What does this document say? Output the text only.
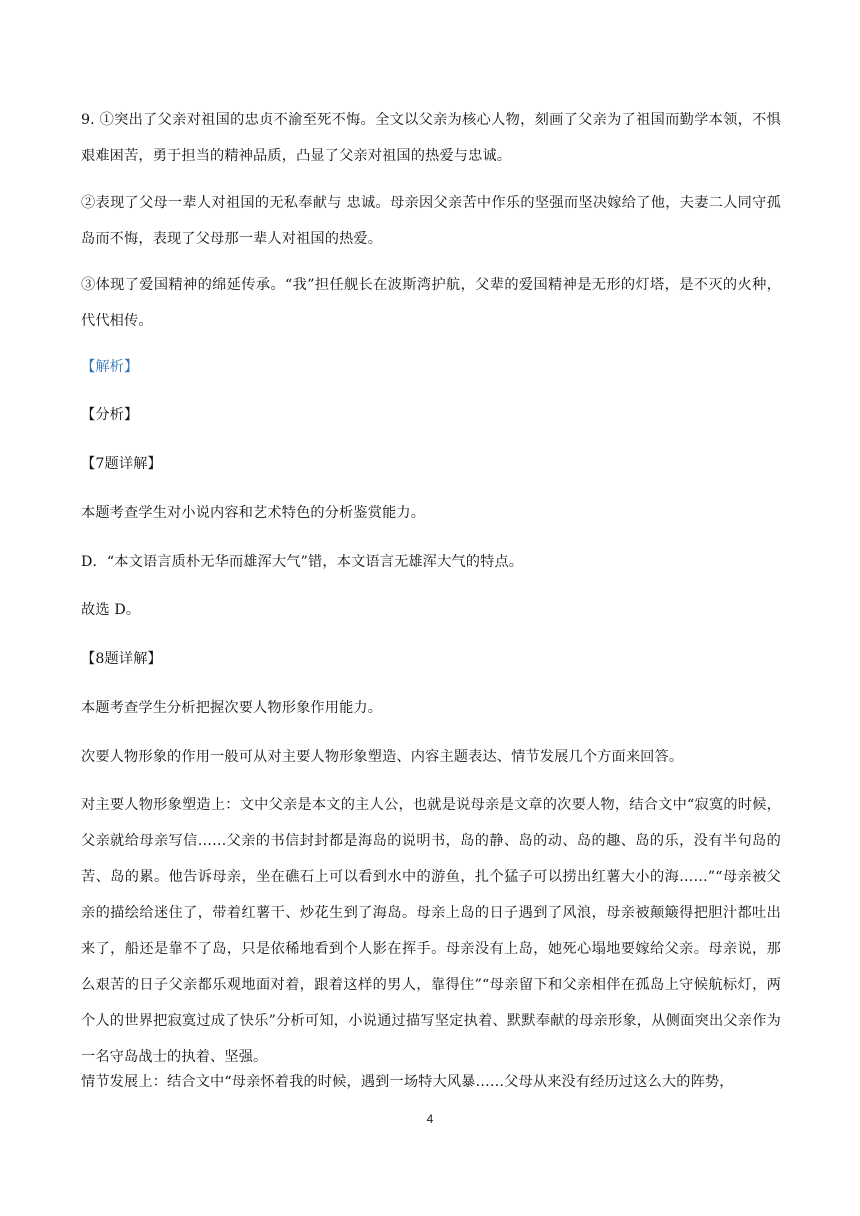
9. ①突出了父亲对祖国的忠贞不渝至死不悔。全文以父亲为核心人物，刻画了父亲为了祖国而勤学本领，不惧艰难困苦，勇于担当的精神品质，凸显了父亲对祖国的热爱与忠诚。

②表现了父母一辈人对祖国的无私奉献与 忠诚。母亲因父亲苦中作乐的坚强而坚决嫁给了他，夫妻二人同守孤岛而不悔，表现了父母那一辈人对祖国的热爱。

③体现了爱国精神的绵延传承。“我”担任舰长在波斯湾护航，父辈的爱国精神是无形的灯塔，是不灭的火种，代代相传。

【解析】

【分析】

【7题详解】

本题考查学生对小说内容和艺术特色的分析鉴赏能力。

D．“本文语言质朴无华而雄浑大气”错，本文语言无雄浑大气的特点。

故选 D。

【8题详解】

本题考查学生分析把握次要人物形象作用能力。

次要人物形象的作用一般可从对主要人物形象塑造、内容主题表达、情节发展几个方面来回答。

对主要人物形象塑造上：文中父亲是本文的主人公，也就是说母亲是文章的次要人物，结合文中“寂寞的时候，父亲就给母亲写信……父亲的书信封封都是海岛的说明书，岛的静、岛的动、岛的趣、岛的乐，没有半句岛的苦、岛的累。他告诉母亲，坐在礁石上可以看到水中的游鱼，扎个猛子可以捞出红薯大小的海……”“母亲被父亲的描绘给迷住了，带着红薯干、炒花生到了海岛。母亲上岛的日子遇到了风浪，母亲被颠簸得把胆汁都吐出来了，船还是靠不了岛，只是依稀地看到个人影在挥手。母亲没有上岛，她死心塌地要嫁给父亲。母亲说，那么艰苦的日子父亲都乐观地面对着，跟着这样的男人，靠得住”“母亲留下和父亲相伴在孤岛上守候航标灯，两个人的世界把寂寞过成了快乐”分析可知，小说通过描写坚定执着、默默奉献的母亲形象，从侧面突出父亲作为一名守岛战士的执着、坚强。

情节发展上：结合文中“母亲怀着我的时候，遇到一场特大风暴……父母从来没有经历过这么大的阵势，

4
